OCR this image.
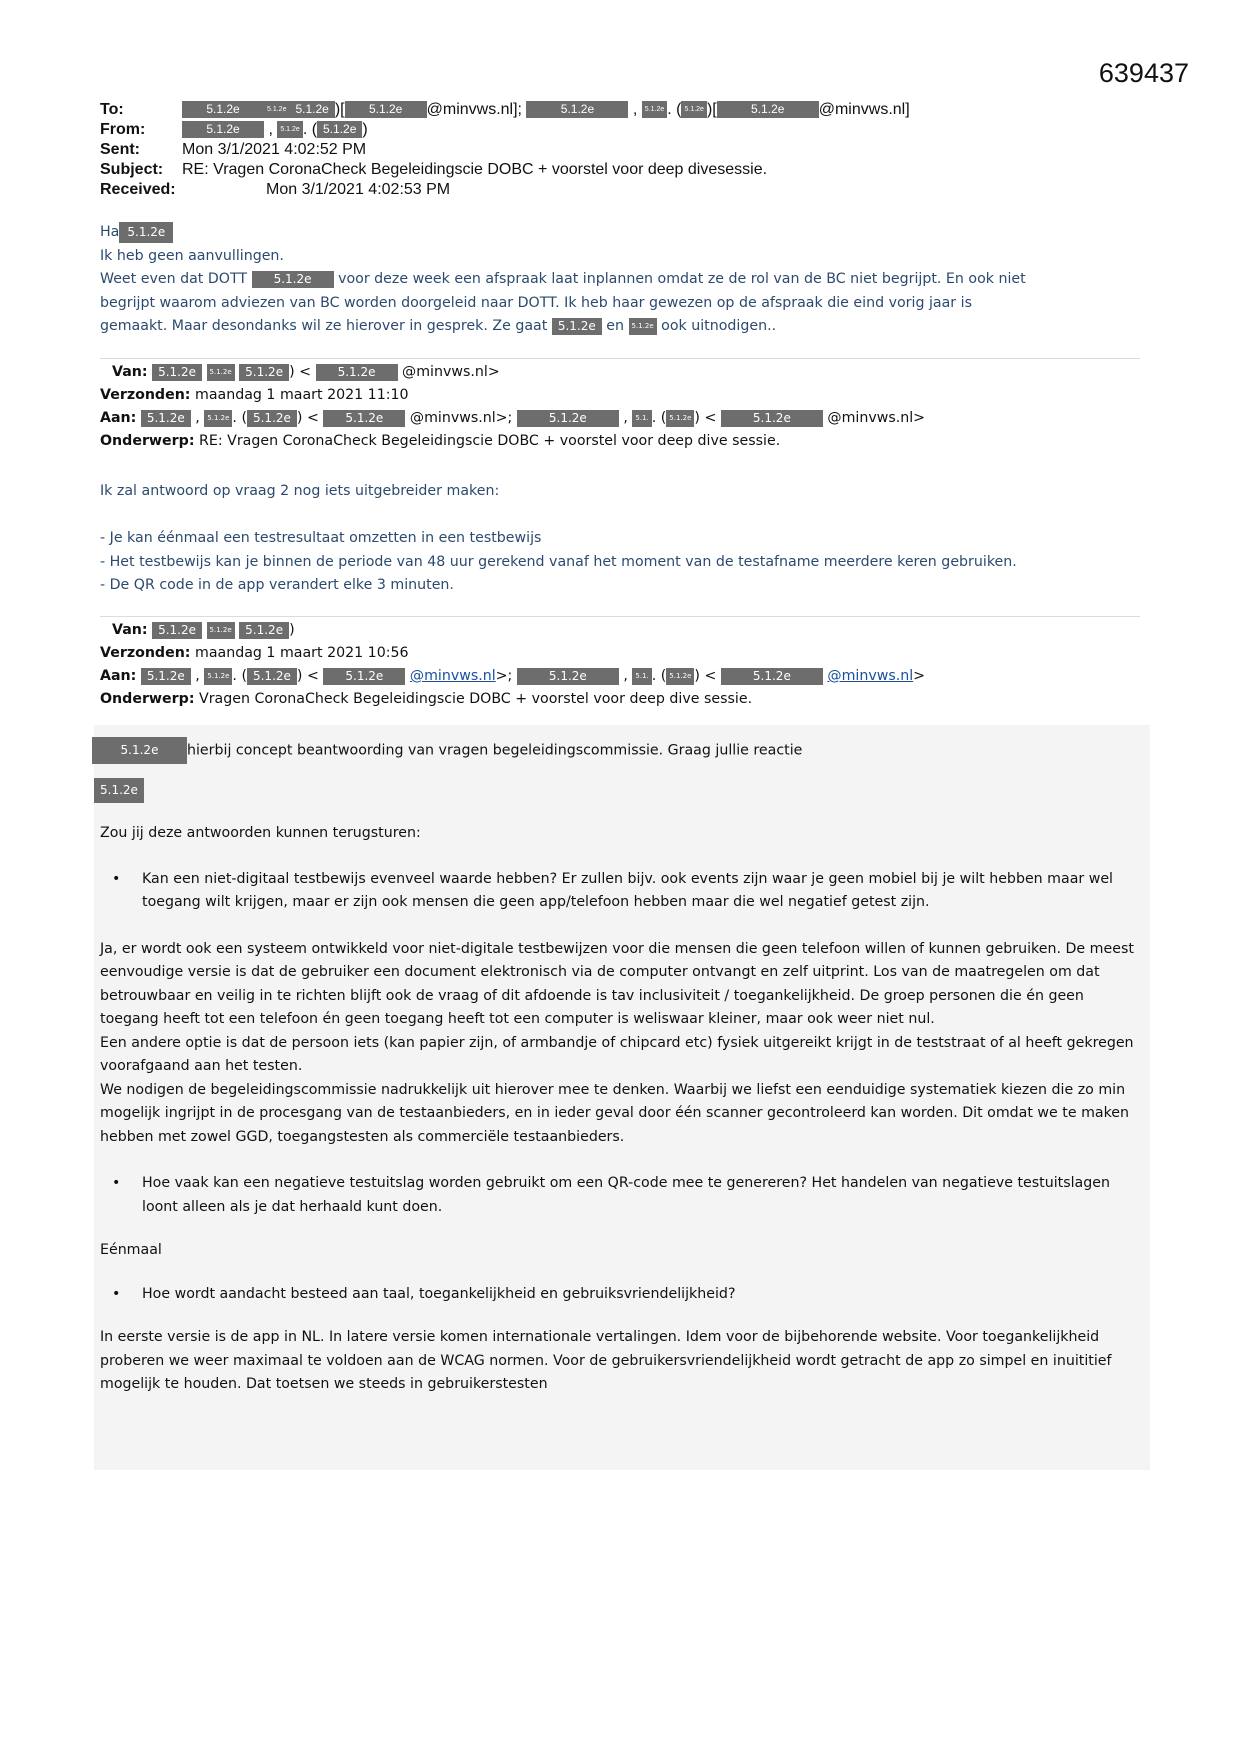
639437
To:	5.1.2e	5.1.2e 5.1.2e )[ 5.1.2e @minvws.nl];	5.1.2e , 5.1.2e . ( 5.1.2e )[	5.1.2e @minvws.nl]
From:	5.1.2e , 5.1.2e . ( 5.1.2e )
Sent:	Mon 3/1/2021 4:02:52 PM
Subject: RE: Vragen CoronaCheck Begeleidingscie DOBC + voorstel voor deep divesessie.
Received:	Mon 3/1/2021 4:02:53 PM

Ha 5.1.2e

Ik heb geen aanvullingen.

Weet even dat DOTT 5.1.2e voor deze week een afspraak laat inplannen omdat ze de rol van de BC niet begrijpt. En ook niet

begrijpt waarom adviezen van BC worden doorgeleid naar DOTT. Ik heb haar gewezen op de afspraak die eind vorig jaar is

gemaakt. Maar desondanks wil ze hierover in gesprek. Ze gaat 5.1.2e en 5.1.2e ook uitnodigen..

Van: 5.1.2e 5.1.2e 5.1.2e ) < 5.1.2e @minvws.nl>
Verzonden: maandag 1 maart 2021 11:10
Aan: 5.1.2e , 5.1.2e . ( 5.1.2e ) < 5.1.2e @minvws.nl>;	5.1.2e , 5.1. . ( 5.1.2e ) <	5.1.2e	@minvws.nl>
Onderwerp: RE: Vragen CoronaCheck Begeleidingscie DOBC + voorstel voor deep dive sessie.

Ik zal antwoord op vraag 2 nog iets uitgebreider maken:

- Je kan éénmaal een testresultaat omzetten in een testbewijs

- Het testbewijs kan je binnen de periode van 48 uur gerekend vanaf het moment van de testafname meerdere keren gebruiken.

- De QR code in de app verandert elke 3 minuten.

Van: 5.1.2e 5.1.2e 5.1.2e )
Verzonden: maandag 1 maart 2021 10:56
Aan: 5.1.2e , 5.1.2e . ( 5.1.2e ) < 5.1.2e @minvws.nl>;	5.1.2e , 5.1. . ( 5.1.2e ) <	5.1.2e	@minvws.nl>
Onderwerp: Vragen CoronaCheck Begeleidingscie DOBC + voorstel voor deep dive sessie.
5.1.2e hierbij concept beantwoording van vragen begeleidingscommissie. Graag jullie reactie
5.1.2e

Zou jij deze antwoorden kunnen terugsturen:

• Kan een niet-digitaal testbewijs evenveel waarde hebben? Er zullen bijv. ook events zijn waar je geen mobiel bij je wilt hebben maar wel toegang wilt krijgen, maar er zijn ook mensen die geen app/telefoon hebben maar die wel negatief getest zijn.

Ja, er wordt ook een systeem ontwikkeld voor niet-digitale testbewijzen voor die mensen die geen telefoon willen of kunnen gebruiken. De meest eenvoudige versie is dat de gebruiker een document elektronisch via de computer ontvangt en zelf uitprint. Los van de maatregelen om dat betrouwbaar en veilig in te richten blijft ook de vraag of dit afdoende is tav inclusiviteit / toegankelijkheid. De groep personen die én geen toegang heeft tot een telefoon én geen toegang heeft tot een computer is weliswaar kleiner, maar ook weer niet nul.

Een andere optie is dat de persoon iets (kan papier zijn, of armbandje of chipcard etc) fysiek uitgereikt krijgt in de teststraat of al heeft gekregen voorafgaand aan het testen.

We nodigen de begeleidingscommissie nadrukkelijk uit hierover mee te denken. Waarbij we liefst een eenduidige systematiek kiezen die zo min mogelijk ingrijpt in de procesgang van de testaanbieders, en in ieder geval door één scanner gecontroleerd kan worden. Dit omdat we te maken hebben met zowel GGD, toegangstesten als commerciële testaanbieders.

• Hoe vaak kan een negatieve testuitslag worden gebruikt om een QR-code mee te genereren? Het handelen van negatieve testuitslagen loont alleen als je dat herhaald kunt doen.

Eénmaal

• Hoe wordt aandacht besteed aan taal, toegankelijkheid en gebruiksvriendelijkheid?

In eerste versie is de app in NL. In latere versie komen internationale vertalingen. Idem voor de bijbehorende website. Voor toegankelijkheid proberen we weer maximaal te voldoen aan de WCAG normen. Voor de gebruikersvriendelijkheid wordt getracht de app zo simpel en inuititief mogelijk te houden. Dat toetsen we steeds in gebruikerstesten
